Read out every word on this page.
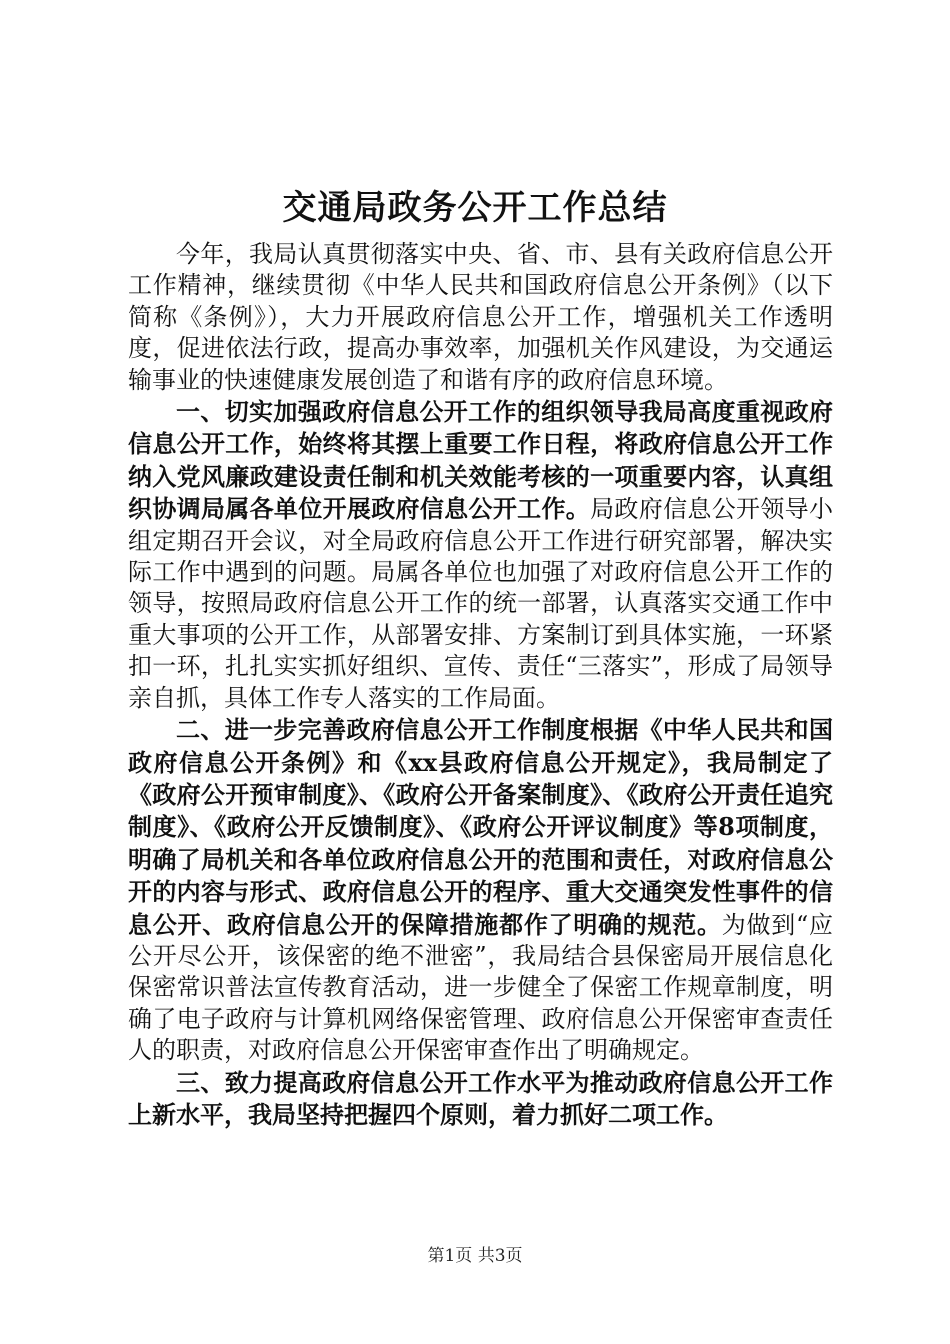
交通局政务公开工作总结

今年，我局认真贯彻落实中央、省、市、县有关政府信息公开工作精神，继续贯彻《中华人民共和国政府信息公开条例》（以下简称《条例》），大力开展政府信息公开工作，增强机关工作透明度，促进依法行政，提高办事效率，加强机关作风建设，为交通运输事业的快速健康发展创造了和谐有序的政府信息环境。

一、切实加强政府信息公开工作的组织领导我局高度重视政府信息公开工作，始终将其摆上重要工作日程，将政府信息公开工作纳入党风廉政建设责任制和机关效能考核的一项重要内容，认真组织协调局属各单位开展政府信息公开工作。局政府信息公开领导小组定期召开会议，对全局政府信息公开工作进行研究部署，解决实际工作中遇到的问题。局属各单位也加强了对政府信息公开工作的领导，按照局政府信息公开工作的统一部署，认真落实交通工作中重大事项的公开工作，从部署安排、方案制订到具体实施，一环紧扣一环，扎扎实实抓好组织、宣传、责任“三落实”，形成了局领导亲自抓，具体工作专人落实的工作局面。

二、进一步完善政府信息公开工作制度根据《中华人民共和国政府信息公开条例》和《xx县政府信息公开规定》，我局制定了《政府公开预审制度》、《政府公开备案制度》、《政府公开责任追究制度》、《政府公开反馈制度》、《政府公开评议制度》等8项制度，明确了局机关和各单位政府信息公开的范围和责任，对政府信息公开的内容与形式、政府信息公开的程序、重大交通突发性事件的信息公开、政府信息公开的保障措施都作了明确的规范。为做到“应公开尽公开，该保密的绝不泄密”，我局结合县保密局开展信息化保密常识普法宣传教育活动，进一步健全了保密工作规章制度，明确了电子政府与计算机网络保密管理、政府信息公开保密审查责任人的职责，对政府信息公开保密审查作出了明确规定。

三、致力提高政府信息公开工作水平为推动政府信息公开工作上新水平，我局坚持把握四个原则，着力抓好二项工作。

第1页 共3页
